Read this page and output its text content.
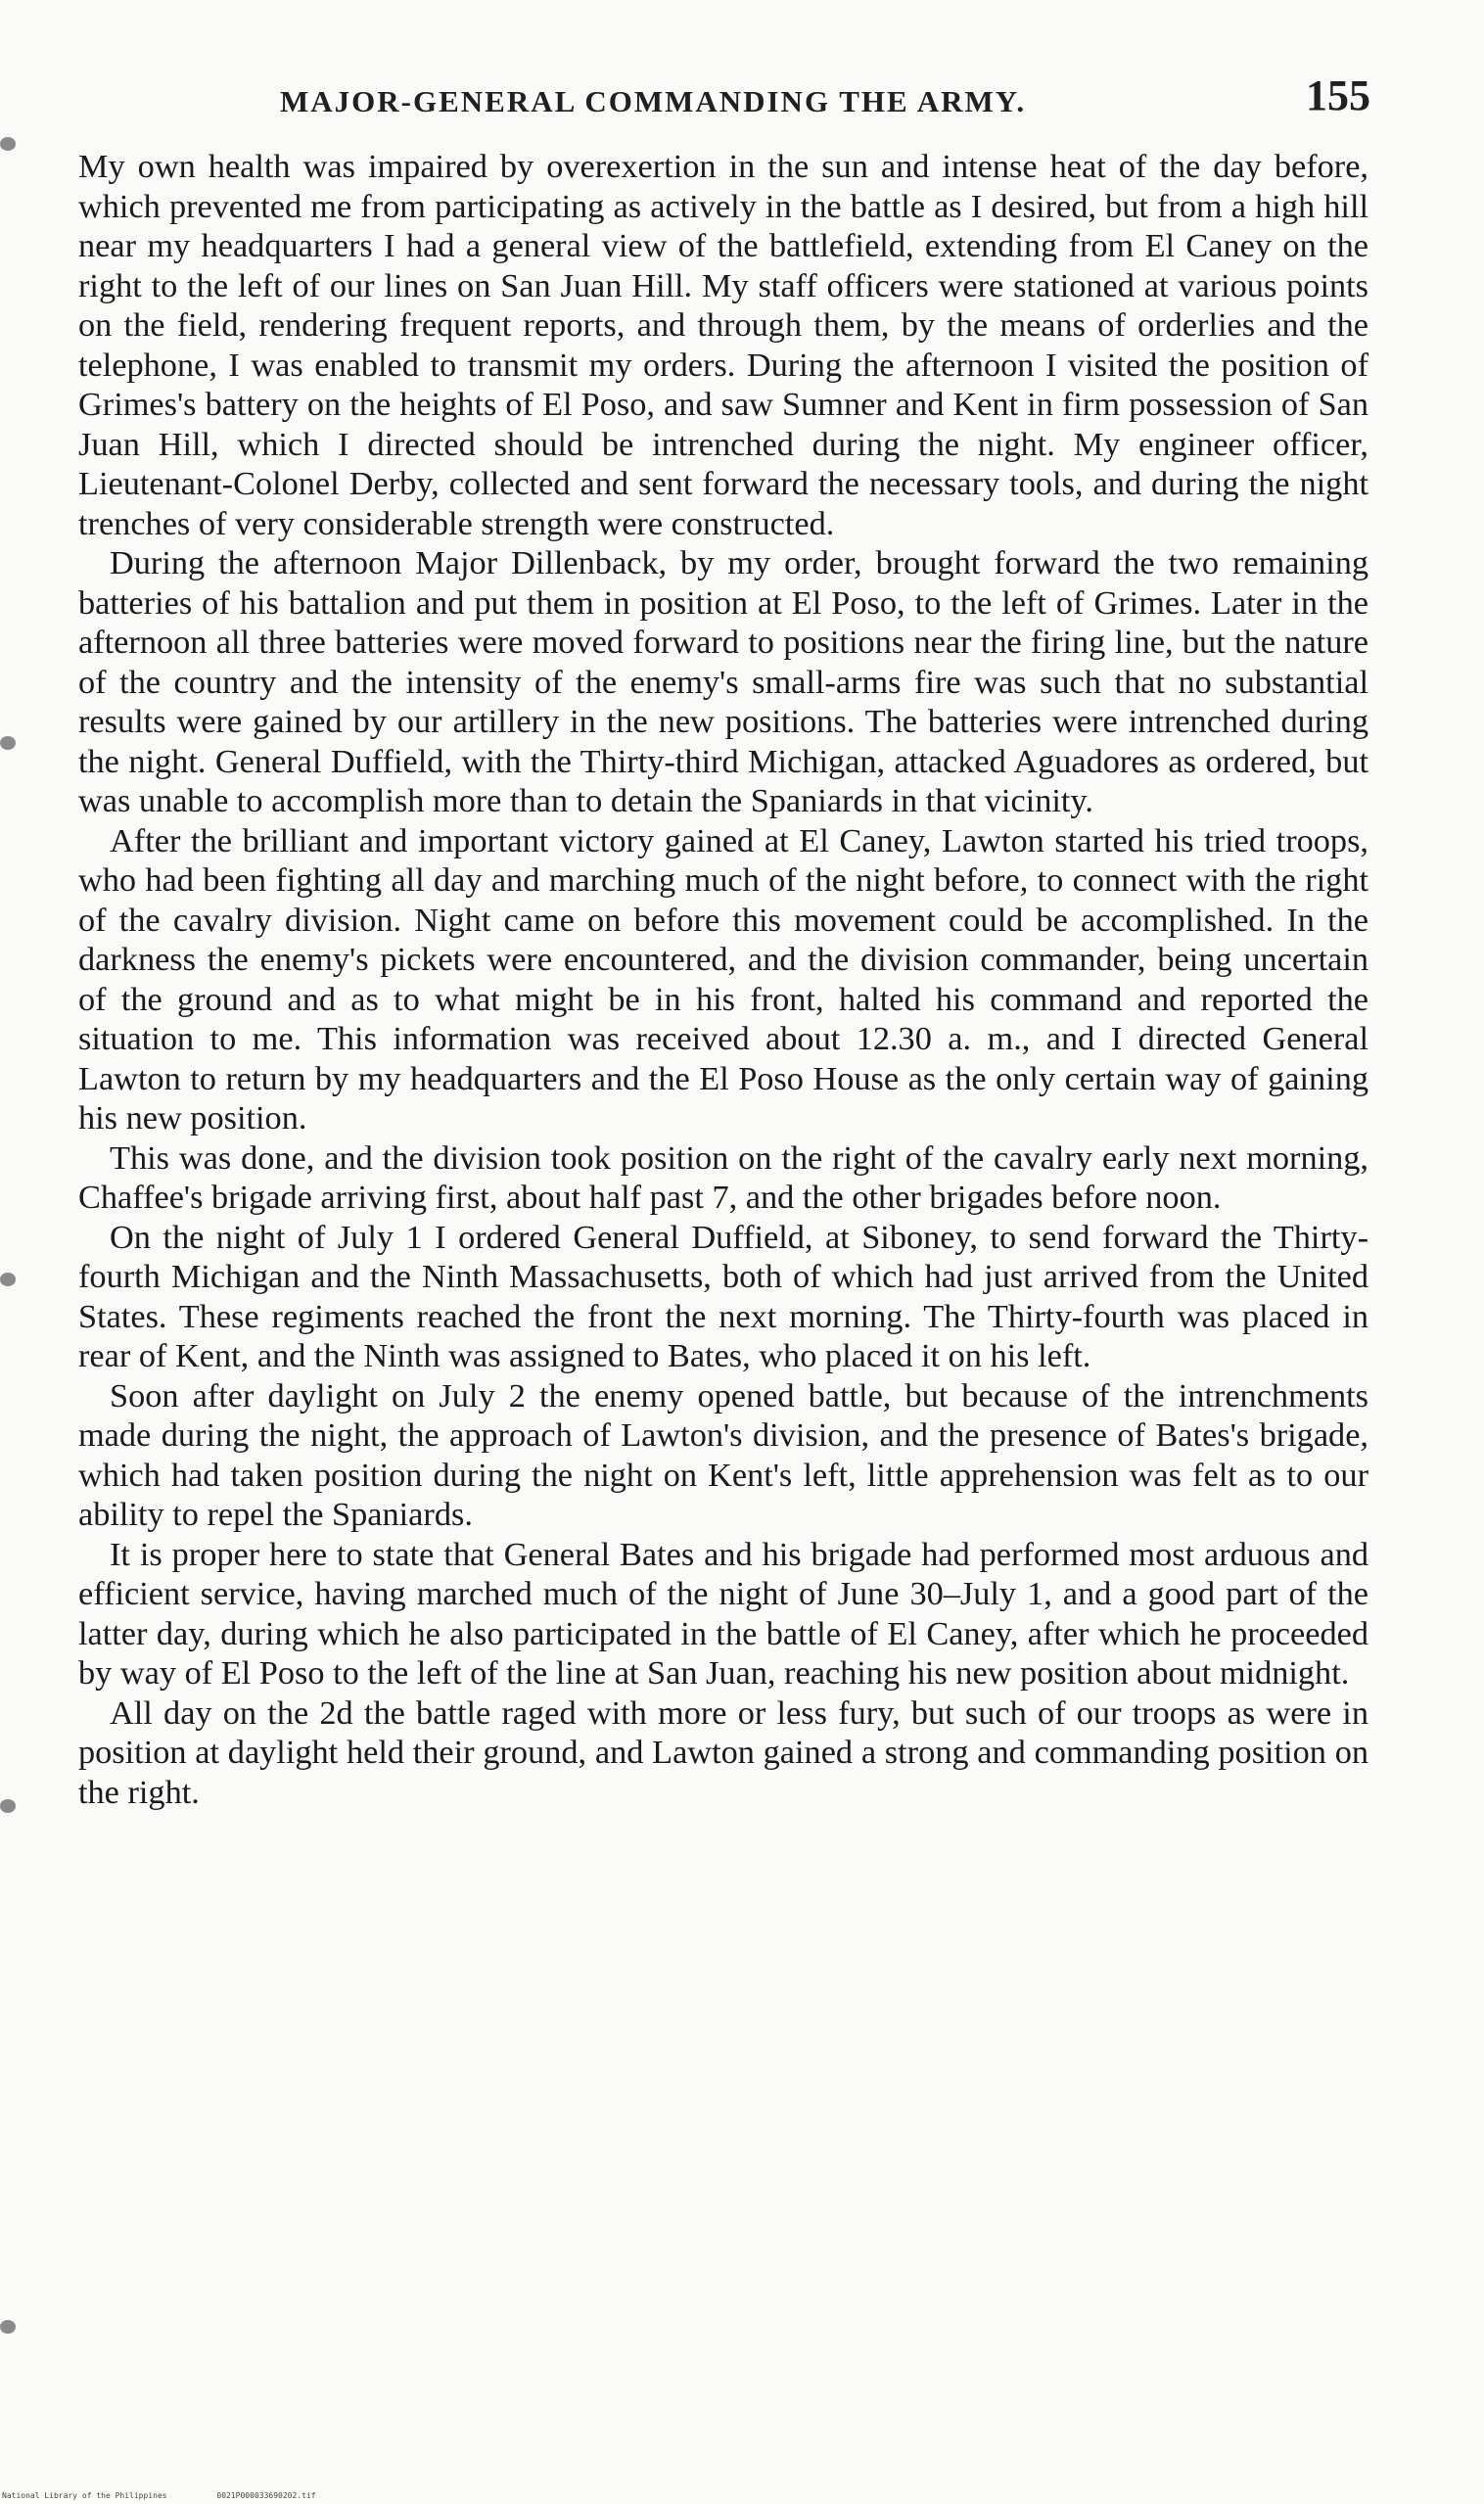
MAJOR-GENERAL COMMANDING THE ARMY.	155

My own health was impaired by overexertion in the sun and intense heat of the day before, which prevented me from participating as actively in the battle as I desired, but from a high hill near my headquarters I had a general view of the battlefield, extending from El Caney on the right to the left of our lines on San Juan Hill. My staff officers were stationed at various points on the field, rendering frequent reports, and through them, by the means of orderlies and the telephone, I was enabled to transmit my orders. During the afternoon I visited the position of Grimes's battery on the heights of El Poso, and saw Sumner and Kent in firm possession of San Juan Hill, which I directed should be intrenched during the night. My engineer officer, Lieutenant-Colonel Derby, collected and sent forward the necessary tools, and during the night trenches of very considerable strength were constructed.

During the afternoon Major Dillenback, by my order, brought forward the two remaining batteries of his battalion and put them in position at El Poso, to the left of Grimes. Later in the afternoon all three batteries were moved forward to positions near the firing line, but the nature of the country and the intensity of the enemy's small-arms fire was such that no substantial results were gained by our artillery in the new positions. The batteries were intrenched during the night. General Duffield, with the Thirty-third Michigan, attacked Aguadores as ordered, but was unable to accomplish more than to detain the Spaniards in that vicinity.

After the brilliant and important victory gained at El Caney, Lawton started his tried troops, who had been fighting all day and marching much of the night before, to connect with the right of the cavalry division. Night came on before this movement could be accomplished. In the darkness the enemy's pickets were encountered, and the division commander, being uncertain of the ground and as to what might be in his front, halted his command and reported the situation to me. This information was received about 12.30 a. m., and I directed General Lawton to return by my headquarters and the El Poso House as the only certain way of gaining his new position.

This was done, and the division took position on the right of the cavalry early next morning, Chaffee's brigade arriving first, about half past 7, and the other brigades before noon.

On the night of July 1 I ordered General Duffield, at Siboney, to send forward the Thirty-fourth Michigan and the Ninth Massachusetts, both of which had just arrived from the United States. These regiments reached the front the next morning. The Thirty-fourth was placed in rear of Kent, and the Ninth was assigned to Bates, who placed it on his left.

Soon after daylight on July 2 the enemy opened battle, but because of the intrenchments made during the night, the approach of Lawton's division, and the presence of Bates's brigade, which had taken position during the night on Kent's left, little apprehension was felt as to our ability to repel the Spaniards.

It is proper here to state that General Bates and his brigade had performed most arduous and efficient service, having marched much of the night of June 30–July 1, and a good part of the latter day, during which he also participated in the battle of El Caney, after which he proceeded by way of El Poso to the left of the line at San Juan, reaching his new position about midnight.

All day on the 2d the battle raged with more or less fury, but such of our troops as were in position at daylight held their ground, and Lawton gained a strong and commanding position on the right.

National Library of the Philippines	0021P000033690202.tif
